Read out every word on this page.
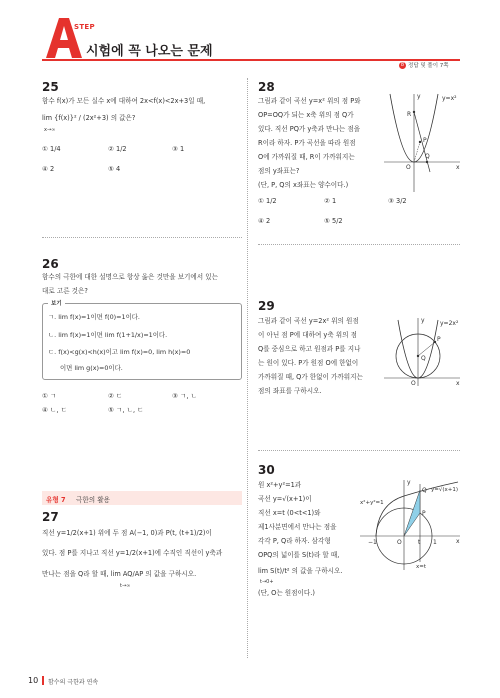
STEP
시험에 꼭 나오는 문제
8 정답 및 풀이 7쪽
25
함수 f(x)가 모든 실수 x에 대하여 2x<f(x)<2x+3일 때,
lim {f(x)}² / (2x²+3) 의 값은?
x→∞
① 1/4	② 1/2	③ 1
④ 2	⑤ 4
26
함수의 극한에 대한 설명으로 항상 옳은 것만을 보기에서 있는
대로 고른 것은?
보기
ㄱ. lim f(x)=1이면 f(0)=1이다.
ㄴ. lim f(x)=1이면 lim f(1+1/x)=1이다.
ㄷ. f(x)<g(x)<h(x)이고 lim f(x)=0, lim h(x)=0
이면 lim g(x)=0이다.
① ㄱ	② ㄷ	③ ㄱ, ㄴ
④ ㄴ, ㄷ	⑤ ㄱ, ㄴ, ㄷ
유형 7 극한의 활용
27
직선 y=1/2(x+1) 위에 두 점 A(−1, 0)과 P(t, (t+1)/2)이
있다. 점 P를 지나고 직선 y=1/2(x+1)에 수직인 직선이 y축과
만나는 점을 Q라 할 때, lim AQ/AP 의 값을 구하시오.
t→∞
28
그림과 같이 곡선 y=x² 위의 점 P와
OP=OQ가 되는 x축 위의 점 Q가
있다. 직선 PQ가 y축과 만나는 점을
R이라 하자. P가 곡선을 따라 원점
O에 가까워질 때, R이 가까워지는
점의 y좌표는?
(단, P, Q의 x좌표는 양수이다.)
① 1/2	② 1	③ 3/2
④ 2	⑤ 5/2
y=x²
y
x
O
P
Q
R
29
그림과 같이 곡선 y=2x² 위의 원점
이 아닌 점 P에 대하여 y축 위의 점
Q를 중심으로 하고 원점과 P를 지나
는 원이 있다. P가 원점 O에 한없이
가까워질 때, Q가 한없이 가까워지는
점의 좌표를 구하시오.
y=2x²
y
x
O
P
Q
30
원 x²+y²=1과
곡선 y=√(x+1)이
직선 x=t (0<t<1)와
제1사분면에서 만나는 점을
각각 P, Q라 하자. 삼각형
OPQ의 넓이를 S(t)라 할 때,
lim S(t)/t² 의 값을 구하시오.
t→0+
(단, O는 원점이다.)
x²+y²=1
y=√(x+1)
y
x
O
P
Q
−1	1
t
x=t
10 함수의 극한과 연속
